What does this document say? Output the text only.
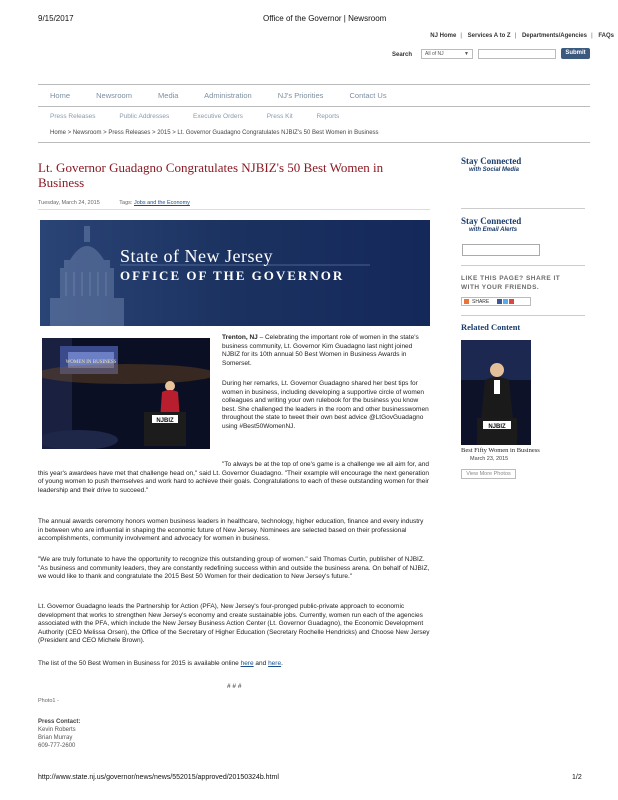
9/15/2017	Office of the Governor | Newsroom
NJ Home | Services A to Z | Departments/Agencies | FAQs
Search	All of NJ	▼	Submit
Home	Newsroom	Media	Administration	NJ's Priorities	Contact Us
Press Releases	Public Addresses	Executive Orders	Press Kit	Reports
Home > Newsroom > Press Releases > 2015 > Lt. Governor Guadagno Congratulates NJBIZ's 50 Best Women in Business
Lt. Governor Guadagno Congratulates NJBIZ's 50 Best Women in Business
Tuesday, March 24, 2015	Tags: Jobs and the Economy
State of New Jersey
OFFICE OF THE GOVERNOR
WOMEN IN BUSINESS
NJBIZ

Trenton, NJ – Celebrating the important role of women in the state's business community, Lt. Governor Kim Guadagno last night joined NJBIZ for its 10th annual 50 Best Women in Business Awards in Somerset.

During her remarks, Lt. Governor Guadagno shared her best tips for women in business, including developing a supportive circle of women colleagues and writing your own rulebook for the business you know best. She challenged the leaders in the room and other businesswomen throughout the state to tweet their own best advice @LtGovGuadagno using #Best50WomenNJ.

"To always be at the top of one's game is a challenge we all aim for, and this year's awardees have met that challenge head on," said Lt. Governor Guadagno. "Their example will encourage the next generation of young women to push themselves and work hard to achieve their goals. Congratulations to each of these outstanding women for their leadership and their drive to succeed."

The annual awards ceremony honors women business leaders in healthcare, technology, higher education, finance and every industry in between who are influential in shaping the economic future of New Jersey. Nominees are selected based on their professional accomplishments, community involvement and advocacy for women in business.

"We are truly fortunate to have the opportunity to recognize this outstanding group of women." said Thomas Curtin, publisher of NJBIZ. "As business and community leaders, they are constantly redefining success within and outside the business arena. On behalf of NJBIZ, we would like to thank and congratulate the 2015 Best 50 Women for their dedication to New Jersey's future."

Lt. Governor Guadagno leads the Partnership for Action (PFA), New Jersey's four-pronged public-private approach to economic development that works to strengthen New Jersey's economy and create sustainable jobs. Currently, women run each of the agencies associated with the PFA, which include the New Jersey Business Action Center (Lt. Governor Guadagno), the Economic Development Authority (CEO Melissa Orsen), the Office of the Secretary of Higher Education (Secretary Rochelle Hendricks) and Choose New Jersey (President and CEO Michele Brown).

The list of the 50 Best Women in Business for 2015 is available online here and here.

# # #
Photo1 -
Press Contact:
Kevin Roberts
Brian Murray
609-777-2600
Stay Connected
with Social Media
Stay Connected
with Email Alerts
LIKE THIS PAGE? SHARE IT
WITH YOUR FRIENDS.
SHARE
Related Content
NJBIZ
Best Fifty Women in Business
March 23, 2015
View More Photos
http://www.state.nj.us/governor/news/news/552015/approved/20150324b.html	1/2
